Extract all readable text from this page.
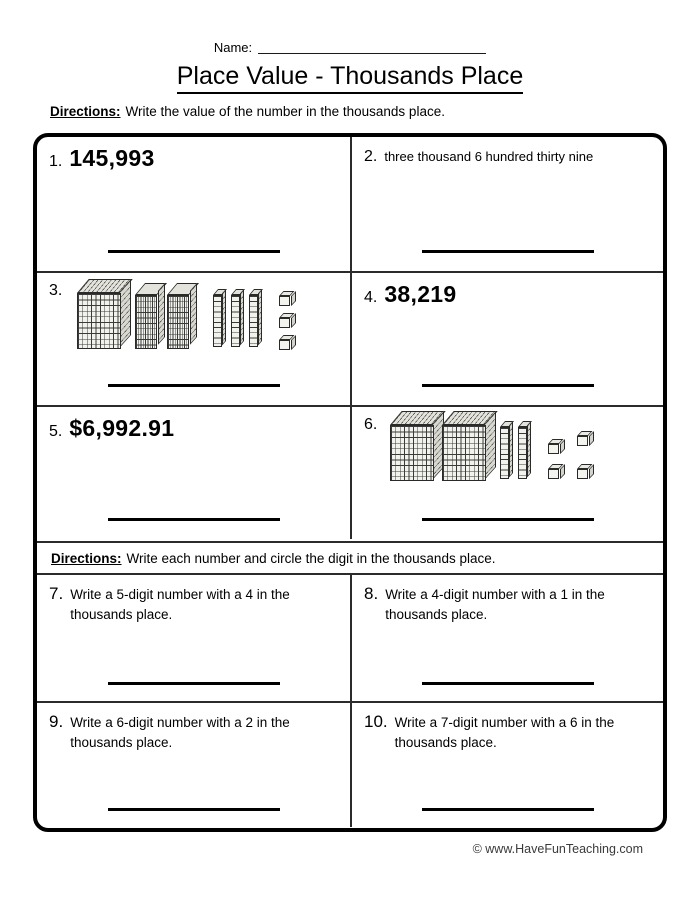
Name:
Place Value - Thousands Place
Directions: Write the value of the number in the thousands place.
1. 145,993	2. three thousand 6 hundred thirty nine
3.	4. 38,219
5. $6,992.91	6.
Directions: Write each number and circle the digit in the thousands place.
7. Write a 5-digit number with a 4 in the thousands place.
8. Write a 4-digit number with a 1 in the thousands place.
9. Write a 6-digit number with a 2 in the thousands place.
10. Write a 7-digit number with a 6 in the thousands place.
© www.HaveFunTeaching.com
